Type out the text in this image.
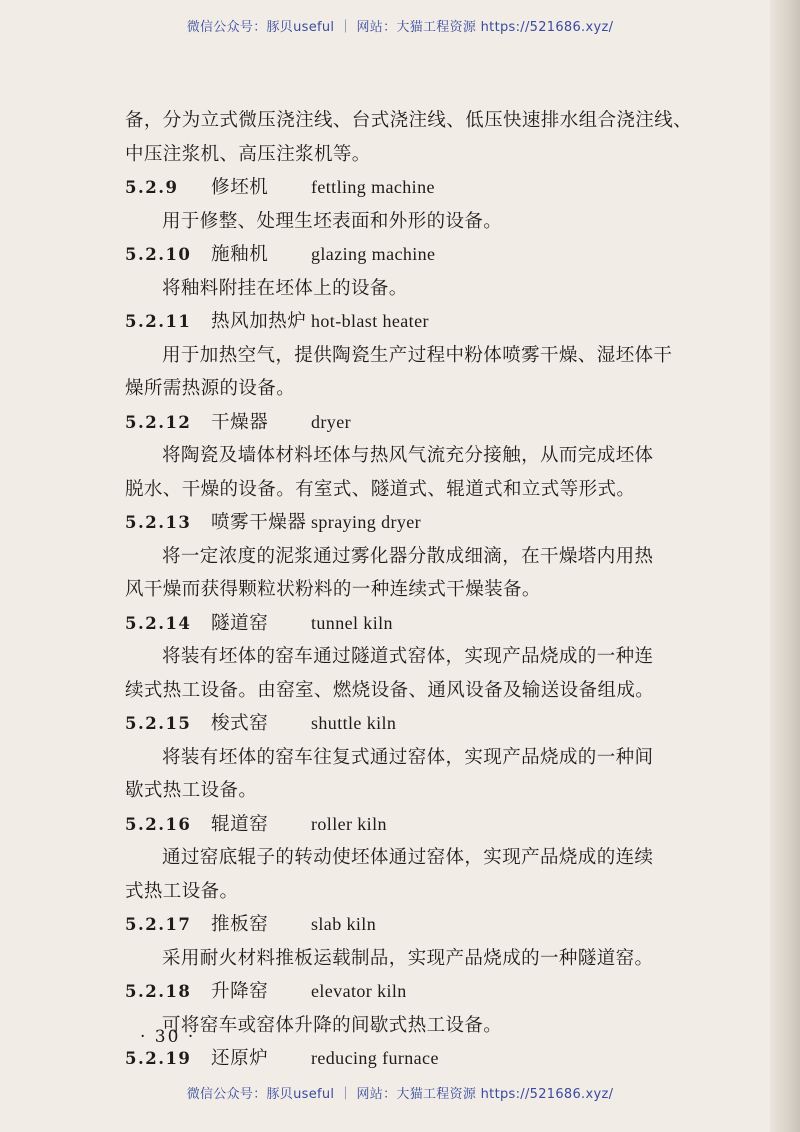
微信公众号：豚贝useful ｜ 网站：大猫工程资源 https://521686.xyz/

备，分为立式微压浇注线、台式浇注线、低压快速排水组合浇注线、

中压注浆机、高压注浆机等。

5.2.9	修坯机	fettling machine

用于修整、处理生坯表面和外形的设备。

5.2.10	施釉机	glazing machine

将釉料附挂在坯体上的设备。

5.2.11	热风加热炉 hot-blast heater

用于加热空气，提供陶瓷生产过程中粉体喷雾干燥、湿坯体干

燥所需热源的设备。

5.2.12	干燥器	dryer

将陶瓷及墙体材料坯体与热风气流充分接触，从而完成坯体

脱水、干燥的设备。有室式、隧道式、辊道式和立式等形式。

5.2.13	喷雾干燥器 spraying dryer

将一定浓度的泥浆通过雾化器分散成细滴，在干燥塔内用热

风干燥而获得颗粒状粉料的一种连续式干燥装备。

5.2.14	隧道窑	tunnel kiln

将装有坯体的窑车通过隧道式窑体，实现产品烧成的一种连

续式热工设备。由窑室、燃烧设备、通风设备及输送设备组成。

5.2.15	梭式窑	shuttle kiln

将装有坯体的窑车往复式通过窑体，实现产品烧成的一种间

歇式热工设备。

5.2.16	辊道窑	roller kiln

通过窑底辊子的转动使坯体通过窑体，实现产品烧成的连续

式热工设备。

5.2.17	推板窑	slab kiln

采用耐火材料推板运载制品，实现产品烧成的一种隧道窑。

5.2.18	升降窑	elevator kiln

可将窑车或窑体升降的间歇式热工设备。

5.2.19	还原炉	reducing furnace
· 30 ·
微信公众号：豚贝useful ｜ 网站：大猫工程资源 https://521686.xyz/
